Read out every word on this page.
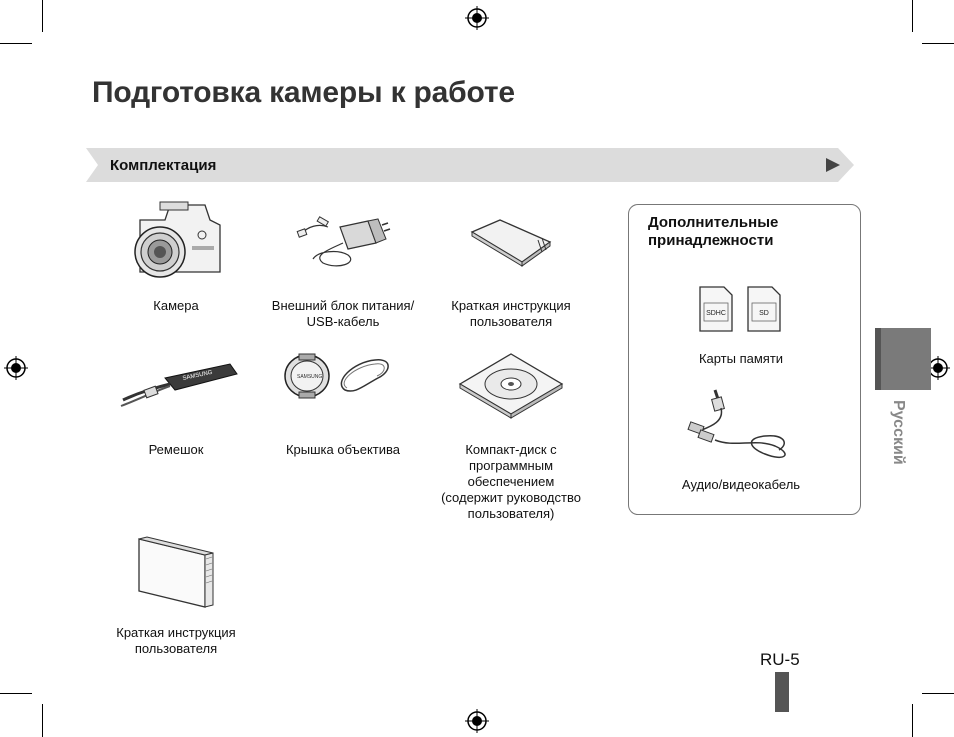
Подготовка камеры к работе
Комплектация
Камера	Внешний блок питания/
USB-кабель
Краткая инструкция
пользователя
SAMSUNG
Ремешок
SAMSUNG
Крышка объектива	Компакт-диск с
программным
обеспечением
(содержит руководство
пользователя)
Краткая инструкция
пользователя
Дополнительные
принадлежности
SDHC	SD
Карты памяти
Аудио/видеокабель
Русский
RU-5
